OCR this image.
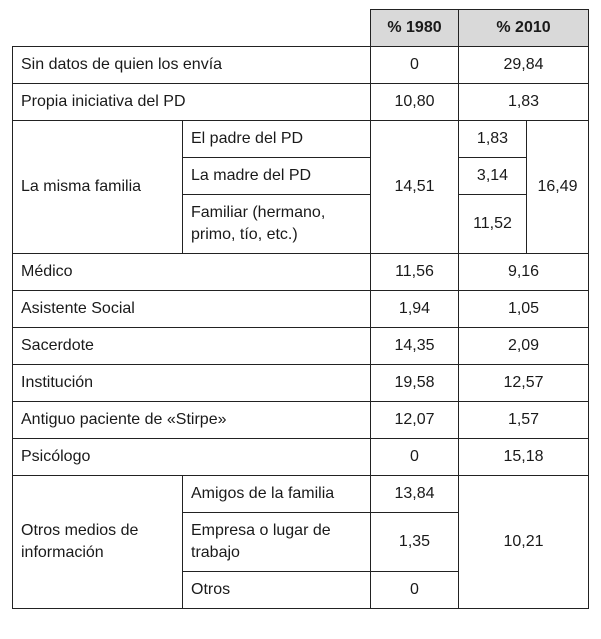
		% 1980	% 2010	
Sin datos de quien los envía		0	29,84	
Propia iniciativa del PD		10,80	1,83	
La misma familia	El padre del PD	14,51	1,83	16,49
	La madre del PD		3,14	
	Familiar (hermano, primo, tío, etc.)		11,52	
Médico		11,56	9,16	
Asistente Social		1,94	1,05	
Sacerdote		14,35	2,09	
Institución		19,58	12,57	
Antiguo paciente de «Stirpe»		12,07	1,57	
Psicólogo		0	15,18	
Otros medios de información	Amigos de la familia	13,84	10,21	
	Empresa o lugar de trabajo	1,35		
	Otros	0		
